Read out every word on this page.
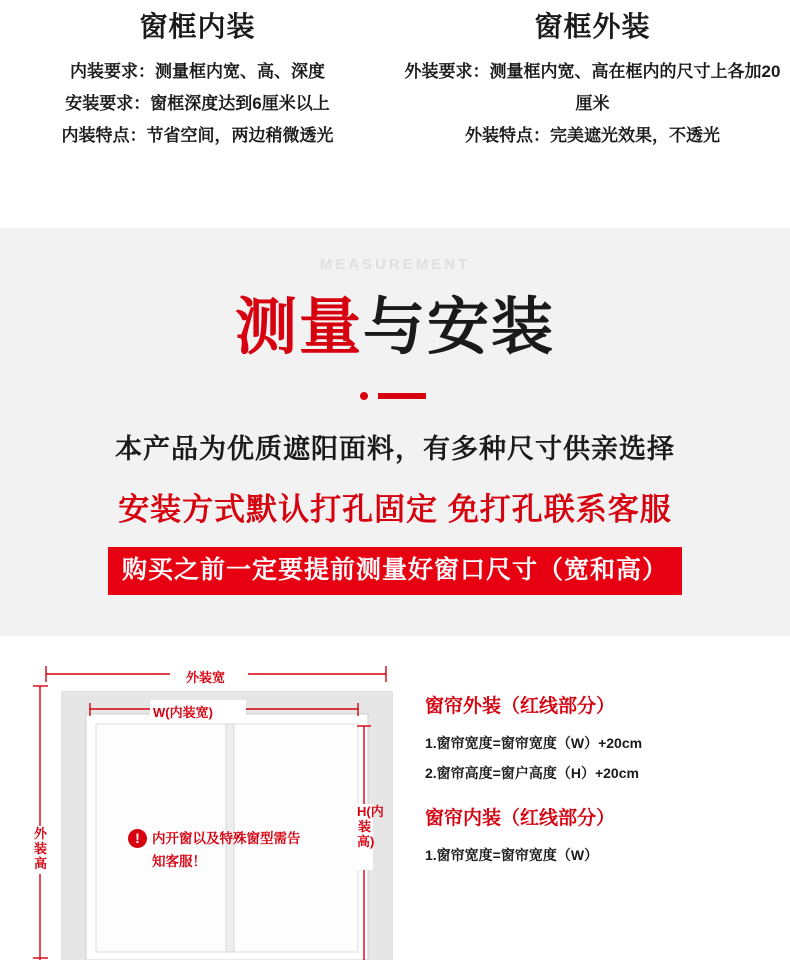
窗框内装
内装要求：测量框内宽、高、深度
安装要求：窗框深度达到6厘米以上
内装特点：节省空间，两边稍微透光
窗框外装
外装要求：测量框内宽、高在框内的尺寸上各加20厘米
外装特点：完美遮光效果，不透光
MEASUREMENT
测量与安装
本产品为优质遮阳面料，有多种尺寸供亲选择
安装方式默认打孔固定 免打孔联系客服
购买之前一定要提前测量好窗口尺寸（宽和高）
外装宽
W(内装宽)
外装高
H(内装高)
! 内开窗以及特殊窗型需告知客服！
窗帘外装（红线部分）
1.窗帘宽度=窗帘宽度（W）+20cm
2.窗帘高度=窗户高度（H）+20cm
窗帘内装（红线部分）
1.窗帘宽度=窗帘宽度（W）
